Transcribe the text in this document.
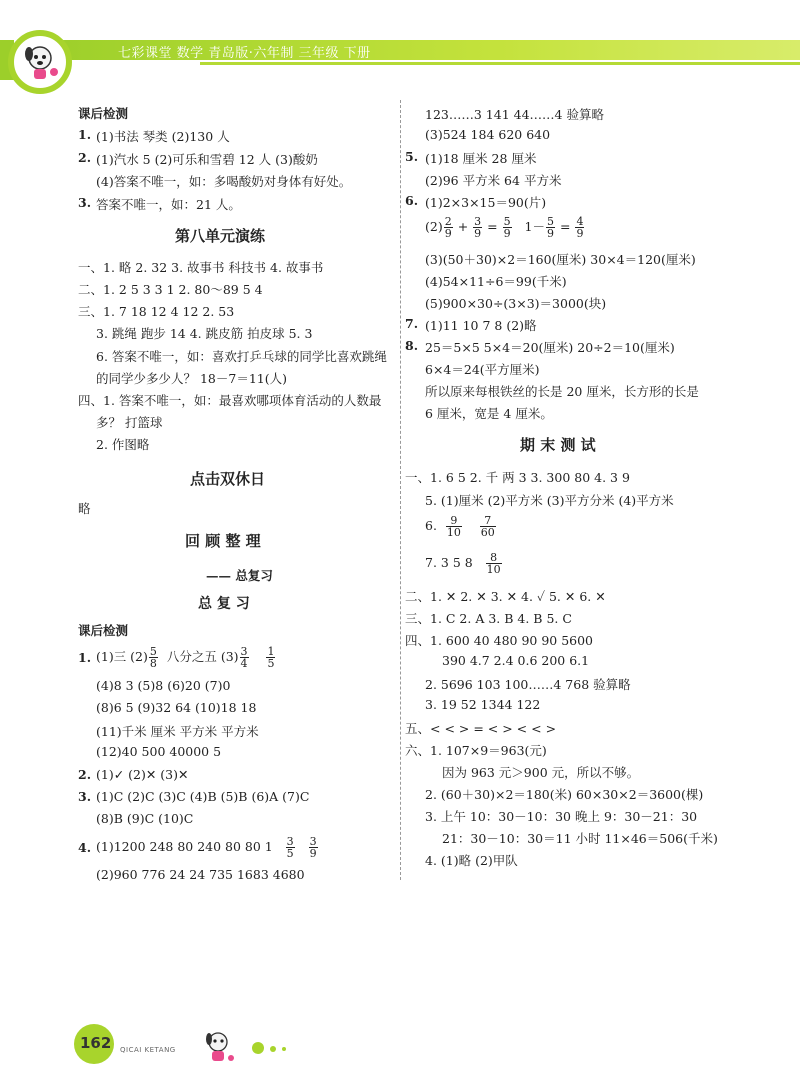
七彩课堂 数学 青岛版·六年制 三年级 下册
课后检测
1. (1)书法 琴类 (2)130 人
2. (1)汽水 5 (2)可乐和雪碧 12 人 (3)酸奶
(4)答案不唯一，如：多喝酸奶对身体有好处。
3. 答案不唯一，如：21 人。
第八单元演练
一、1. 略 2. 32 3. 故事书 科技书 4. 故事书
二、1. 2 5 3 3 1 2. 80～89 5 4
三、1. 7 18 12 4 12 2. 53
3. 跳绳 跑步 14 4. 跳皮筋 拍皮球 5. 3
6. 答案不唯一，如：喜欢打乒乓球的同学比喜欢跳绳
的同学少多少人？ 18－7＝11(人)
四、1. 答案不唯一，如：最喜欢哪项体育活动的人数最
多？ 打篮球
2. 作图略
点击双休日
略
回 顾 整 理
—— 总复习
总 复 习
课后检测
1. (1)三 $(2) \frac{5}{8}$ 八分之五 $(3) \frac{3}{4}$
$\frac{1}{5}$
(4)8 3 (5)8 (6)20 (7)0
(8)6 5 (9)32 64 (10)18 18
(11)千米 厘米 平方米 平方米
(12)40 500 40000 5
2. (1)✓ (2)✕ (3)✕
3. (1)C (2)C (3)C (4)B (5)B (6)A (7)C
(8)B (9)C (10)C
4. (1)1200 248 80 240 80 80 $1 \frac{3}{5}$
$\frac{3}{9}$
(2)960 776 24 24 735 1683 4680
123……3 141 44……4 验算略
(3)524 184 620 640
5. (1)18 厘米 28 厘米
(2)96 平方米 64 平方米
6. (1)2×3×15＝90(片)
$(2) \frac{2}{9} + \frac{3}{9} = \frac{5}{9} 1- \frac{5}{9} = \frac{4}{9}$
(3)(50＋30)×2＝160(厘米) 30×4＝120(厘米)
(4)54×11÷6＝99(千米)
(5)900×30÷(3×3)＝3000(块)
7. (1)11 10 7 8 (2)略
8. 25＝5×5 5×4＝20(厘米) 20÷2＝10(厘米)
6×4＝24(平方厘米)
所以原来每根铁丝的长是 20 厘米，长方形的长是
6 厘米，宽是 4 厘米。
期 末 测 试
一、1. 6 5 2. 千 两 3 3. 300 80 4. 3 9
5. (1)厘米 (2)平方米 (3)平方分米 (4)平方米
6. $\frac{9}{10}$
$\frac{7}{60}$
7. 3 5 $8 \frac{8}{10}$
二、1. ✕ 2. ✕ 3. ✕ 4. ✓ 5. ✕ 6. ✕
三、1. C 2. A 3. B 4. B 5. C
四、1. 600 40 480 90 90 5600
390 4.7 2.4 0.6 200 6.1
2. 5696 103 100……4 768 验算略
3. 19 52 1344 122
五、< < > = < > < < >
六、1. 107×9＝963(元)
因为 963 元＞900 元，所以不够。
2. (60＋30)×2＝180(米) 60×30×2＝3600(棵)
3. 上午 10：30－10：30 晚上 9：30－21：30
21：30－10：30＝11 小时 11×46＝506(千米)
4. (1)略 (2)甲队
162 QICAI KETANG
